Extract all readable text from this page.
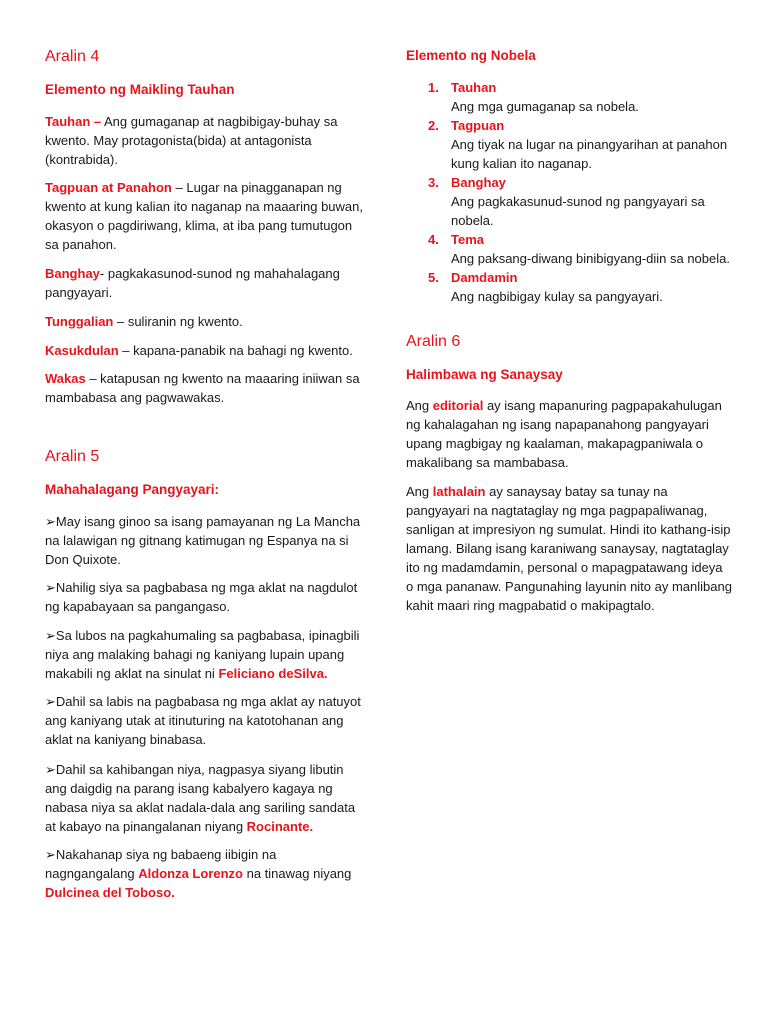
Aralin 4
Elemento ng Maikling Tauhan

Tauhan – Ang gumaganap at nagbibigay-buhay sa kwento. May protagonista(bida) at antagonista (kontrabida).

Tagpuan at Panahon – Lugar na pinagganapan ng kwento at kung kalian ito naganap na maaaring buwan, okasyon o pagdiriwang, klima, at iba pang tumutugon sa panahon.

Banghay- pagkakasunod-sunod ng mahahalagang pangyayari.

Tunggalian – suliranin ng kwento.

Kasukdulan – kapana-panabik na bahagi ng kwento.

Wakas – katapusan ng kwento na maaaring iniiwan sa mambabasa ang pagwawakas.

Aralin 5
Mahahalagang Pangyayari:

➢May isang ginoo sa isang pamayanan ng La Mancha na lalawigan ng gitnang katimugan ng Espanya na si Don Quixote.

➢Nahilig siya sa pagbabasa ng mga aklat na nagdulot ng kapabayaan sa pangangaso.

➢Sa lubos na pagkahumaling sa pagbabasa, ipinagbili niya ang malaking bahagi ng kaniyang lupain upang makabili ng aklat na sinulat ni Feliciano deSilva.

➢Dahil sa labis na pagbabasa ng mga aklat ay natuyot ang kaniyang utak at itinuturing na katotohanan ang aklat na kaniyang binabasa.

➢Dahil sa kahibangan niya, nagpasya siyang libutin ang daigdig na parang isang kabalyero kagaya ng nabasa niya sa aklat nadala-dala ang sariling sandata at kabayo na pinangalanan niyang Rocinante.

➢Nakahanap siya ng babaeng iibigin na nagngangalang Aldonza Lorenzo na tinawag niyang Dulcinea del Toboso.

Elemento ng Nobela
1. Tauhan
Ang mga gumaganap sa nobela.
2. Tagpuan
Ang tiyak na lugar na pinangyarihan at panahon kung kalian ito naganap.
3. Banghay
Ang pagkakasunud-sunod ng pangyayari sa nobela.
4. Tema
Ang paksang-diwang binibigyang-diin sa nobela.
5. Damdamin
Ang nagbibigay kulay sa pangyayari.
Aralin 6
Halimbawa ng Sanaysay

Ang editorial ay isang mapanuring pagpapakahulugan ng kahalagahan ng isang napapanahong pangyayari upang magbigay ng kaalaman, makapagpaniwala o makalibang sa mambabasa.

Ang lathalain ay sanaysay batay sa tunay na pangyayari na nagtataglay ng mga pagpapaliwanag, sanligan at impresiyon ng sumulat. Hindi ito kathang-isip lamang. Bilang isang karaniwang sanaysay, nagtataglay ito ng madamdamin, personal o mapagpatawang ideya o mga pananaw. Pangunahing layunin nito ay manlibang kahit maari ring magpabatid o makipagtalo.
